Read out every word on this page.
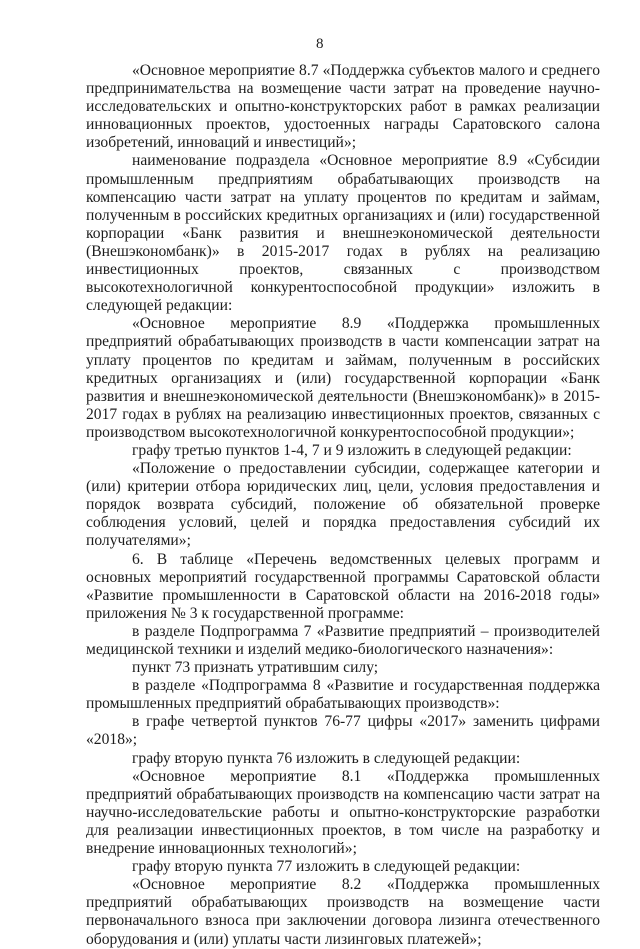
8

«Основное мероприятие 8.7 «Поддержка субъектов малого и среднего предпринимательства на возмещение части затрат на проведение научно-исследовательских и опытно-конструкторских работ в рамках реализации инновационных проектов, удостоенных награды Саратовского салона изобретений, инноваций и инвестиций»;

наименование подраздела «Основное мероприятие 8.9 «Субсидии промышленным предприятиям обрабатывающих производств на компенсацию части затрат на уплату процентов по кредитам и займам, полученным в российских кредитных организациях и (или) государственной корпорации «Банк развития и внешнеэкономической деятельности (Внешэкономбанк)» в 2015-2017 годах в рублях на реализацию инвестиционных проектов, связанных с производством высокотехнологичной конкурентоспособной продукции» изложить в следующей редакции:

«Основное мероприятие 8.9 «Поддержка промышленных предприятий обрабатывающих производств в части компенсации затрат на уплату процентов по кредитам и займам, полученным в российских кредитных организациях и (или) государственной корпорации «Банк развития и внешнеэкономической деятельности (Внешэкономбанк)» в 2015-2017 годах в рублях на реализацию инвестиционных проектов, связанных с производством высокотехнологичной конкурентоспособной продукции»;

графу третью пунктов 1-4, 7 и 9 изложить в следующей редакции:

«Положение о предоставлении субсидии, содержащее категории и (или) критерии отбора юридических лиц, цели, условия предоставления и порядок возврата субсидий, положение об обязательной проверке соблюдения условий, целей и порядка предоставления субсидий их получателями»;

6. В таблице «Перечень ведомственных целевых программ и основных мероприятий государственной программы Саратовской области «Развитие промышленности в Саратовской области на 2016-2018 годы» приложения № 3 к государственной программе:

в разделе Подпрограмма 7 «Развитие предприятий – производителей медицинской техники и изделий медико-биологического назначения»:

пункт 73 признать утратившим силу;

в разделе «Подпрограмма 8 «Развитие и государственная поддержка промышленных предприятий обрабатывающих производств»:

в графе четвертой пунктов 76-77 цифры «2017» заменить цифрами «2018»;

графу вторую пункта 76 изложить в следующей редакции:

«Основное мероприятие 8.1 «Поддержка промышленных предприятий обрабатывающих производств на компенсацию части затрат на научно-исследовательские работы и опытно-конструкторские разработки для реализации инвестиционных проектов, в том числе на разработку и внедрение инновационных технологий»;

графу вторую пункта 77 изложить в следующей редакции:

«Основное мероприятие 8.2 «Поддержка промышленных предприятий обрабатывающих производств на возмещение части первоначального взноса при заключении договора лизинга отечественного оборудования и (или) уплаты части лизинговых платежей»;
